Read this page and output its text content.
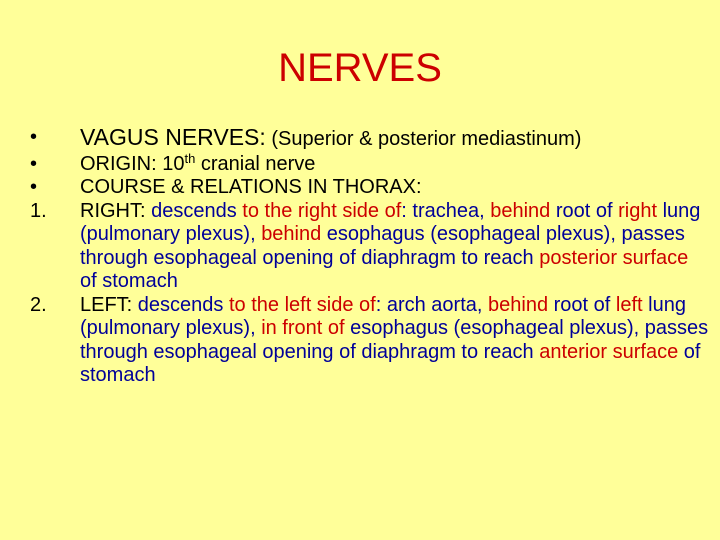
NERVES
•	VAGUS NERVES: (Superior & posterior mediastinum)
•	ORIGIN: 10th cranial nerve
•	COURSE & RELATIONS IN THORAX:
1.	RIGHT: descends to the right side of: trachea, behind root of right lung (pulmonary plexus), behind esophagus (esophageal plexus), passes through esophageal opening of diaphragm to reach posterior surface of stomach
2.	LEFT: descends to the left side of: arch aorta, behind root of left lung (pulmonary plexus), in front of esophagus (esophageal plexus), passes through esophageal opening of diaphragm to reach anterior surface of stomach
